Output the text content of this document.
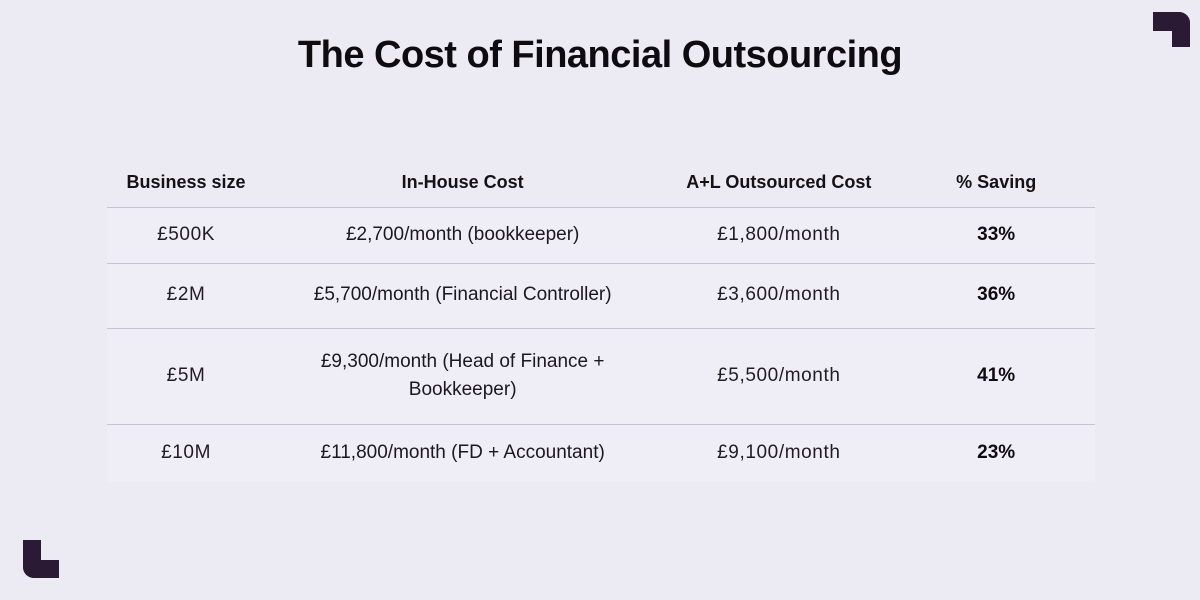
The Cost of Financial Outsourcing
Business size	In-House Cost	A+L Outsourced Cost	% Saving
£500K	£2,700/month (bookkeeper)	£1,800/month	33%
£2M	£5,700/month (Financial Controller)	£3,600/month	36%
£5M	£9,300/month (Head of Finance + Bookkeeper)	£5,500/month	41%
£10M	£11,800/month (FD + Accountant)	£9,100/month	23%
